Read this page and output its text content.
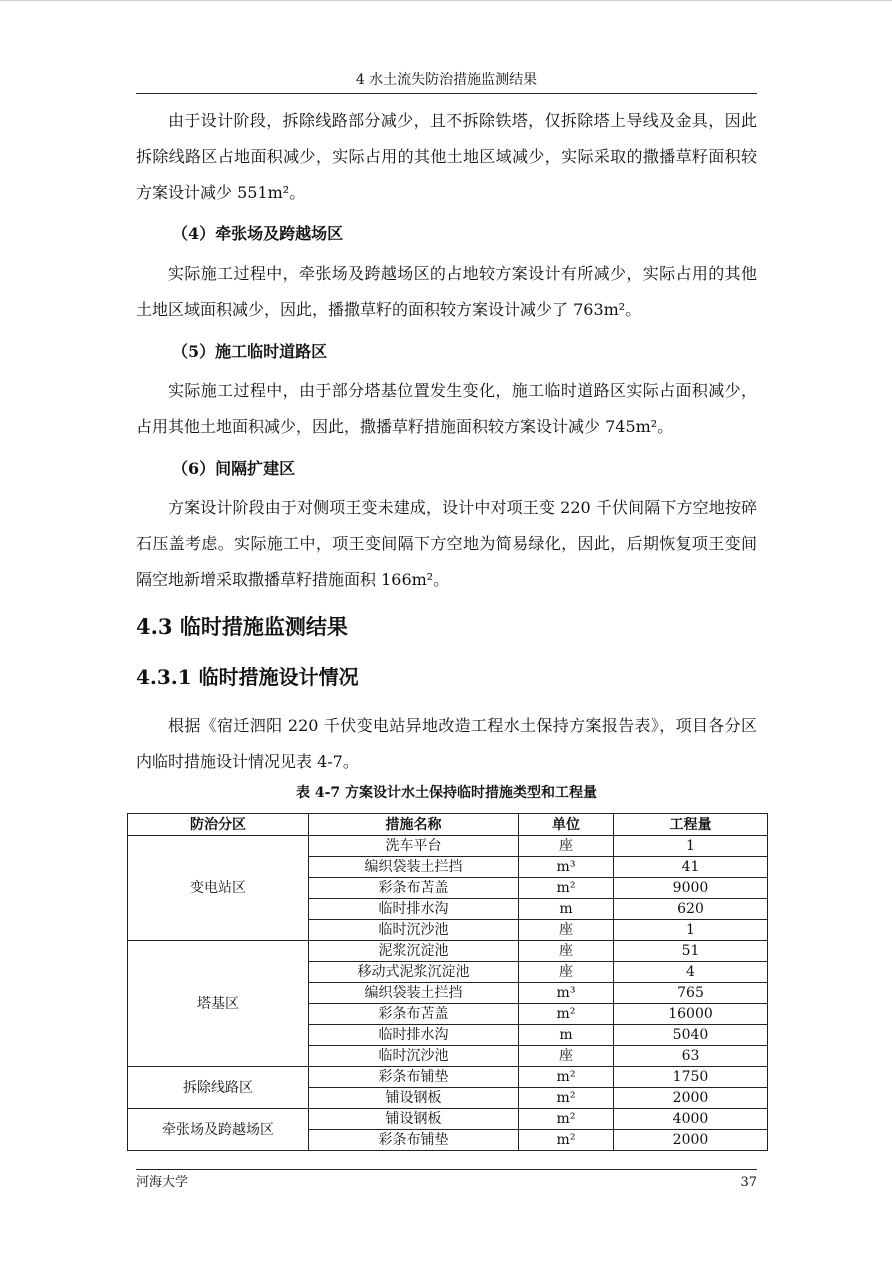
4 水土流失防治措施监测结果

由于设计阶段，拆除线路部分减少，且不拆除铁塔，仅拆除塔上导线及金具，因此拆除线路区占地面积减少，实际占用的其他土地区域减少，实际采取的撒播草籽面积较方案设计减少 551m²。

（4）牵张场及跨越场区

实际施工过程中，牵张场及跨越场区的占地较方案设计有所减少，实际占用的其他土地区域面积减少，因此，播撒草籽的面积较方案设计减少了 763m²。

（5）施工临时道路区

实际施工过程中，由于部分塔基位置发生变化，施工临时道路区实际占面积减少，占用其他土地面积减少，因此，撒播草籽措施面积较方案设计减少 745m²。

（6）间隔扩建区

方案设计阶段由于对侧项王变未建成，设计中对项王变 220 千伏间隔下方空地按碎石压盖考虑。实际施工中，项王变间隔下方空地为简易绿化，因此，后期恢复项王变间隔空地新增采取撒播草籽措施面积 166m²。

4.3 临时措施监测结果
4.3.1 临时措施设计情况

根据《宿迁泗阳 220 千伏变电站异地改造工程水土保持方案报告表》，项目各分区内临时措施设计情况见表 4-7。

表 4-7 方案设计水土保持临时措施类型和工程量

防治分区	措施名称	单位	工程量
变电站区	洗车平台	座	1
	编织袋装土拦挡	m³	41
	彩条布苫盖	m²	9000
	临时排水沟	m	620
	临时沉沙池	座	1
塔基区	泥浆沉淀池	座	51
	移动式泥浆沉淀池	座	4
	编织袋装土拦挡	m³	765
	彩条布苫盖	m²	16000
	临时排水沟	m	5040
	临时沉沙池	座	63
拆除线路区	彩条布铺垫	m²	1750
	铺设钢板	m²	2000
牵张场及跨越场区	铺设钢板	m²	4000
	彩条布铺垫	m²	2000
河海大学	37
